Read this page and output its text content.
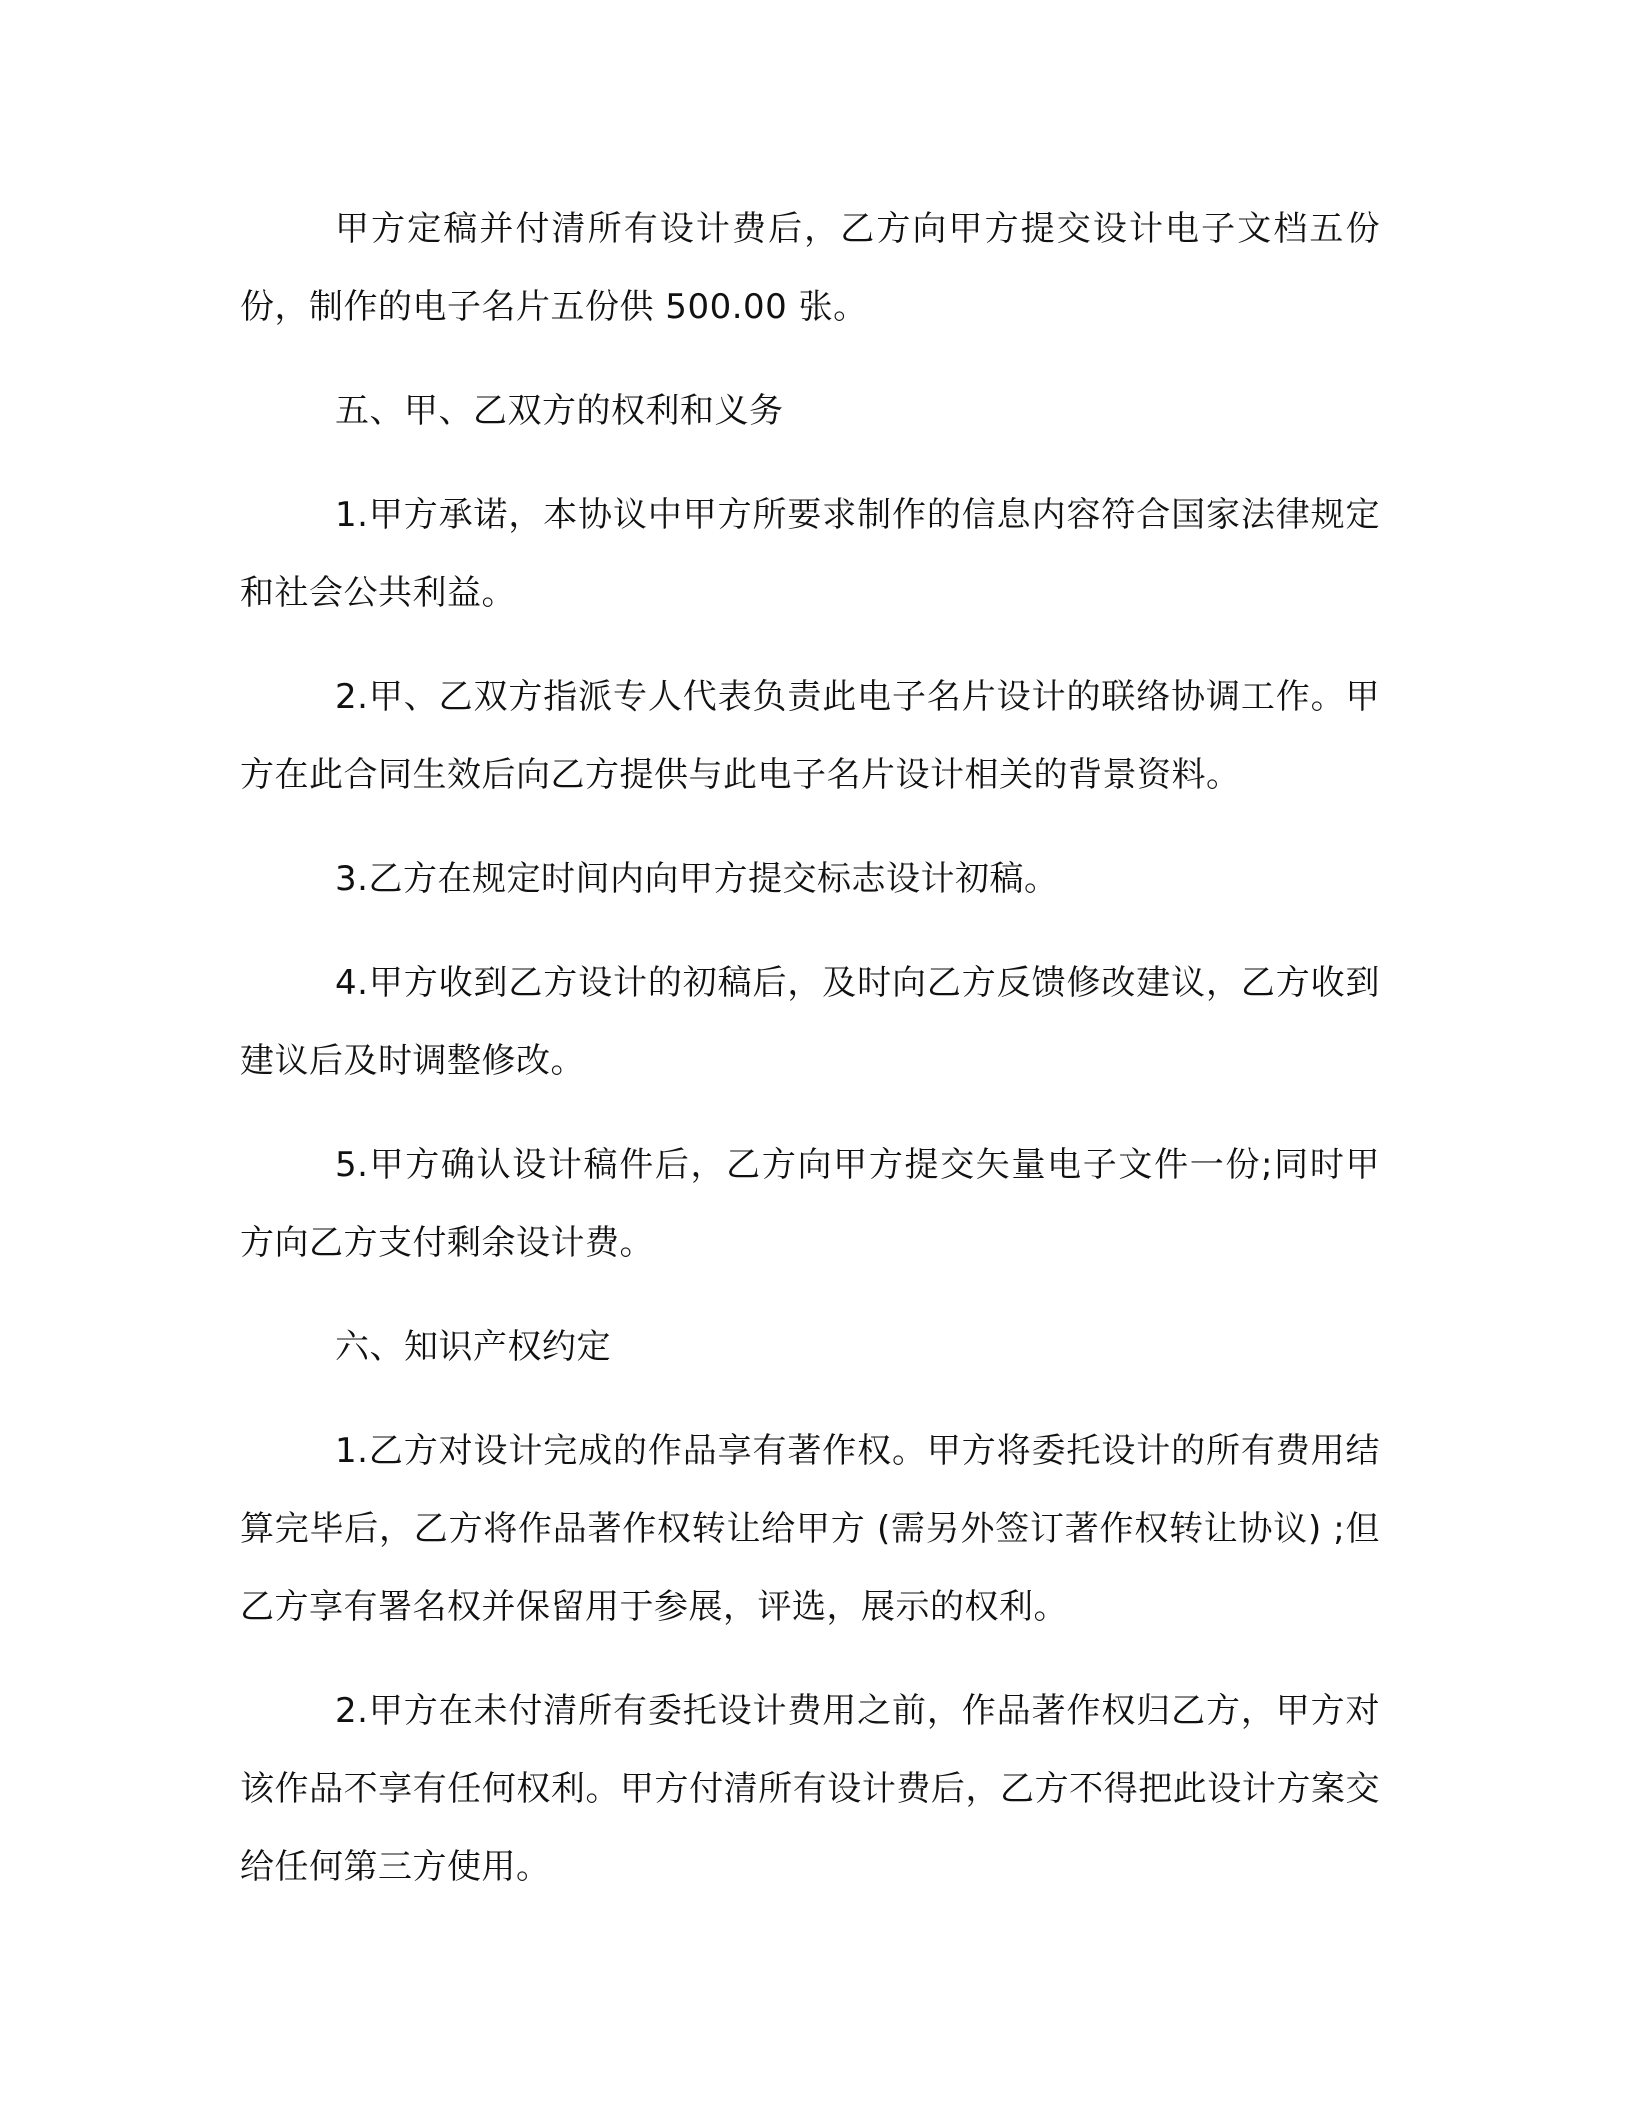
甲方定稿并付清所有设计费后，乙方向甲方提交设计电子文档五份份，制作的电子名片五份供 500.00 张。

五、甲、乙双方的权利和义务

1.甲方承诺，本协议中甲方所要求制作的信息内容符合国家法律规定和社会公共利益。

2.甲、乙双方指派专人代表负责此电子名片设计的联络协调工作。甲方在此合同生效后向乙方提供与此电子名片设计相关的背景资料。

3.乙方在规定时间内向甲方提交标志设计初稿。

4.甲方收到乙方设计的初稿后，及时向乙方反馈修改建议，乙方收到建议后及时调整修改。

5.甲方确认设计稿件后，乙方向甲方提交矢量电子文件一份;同时甲方向乙方支付剩余设计费。

六、知识产权约定

1.乙方对设计完成的作品享有著作权。甲方将委托设计的所有费用结算完毕后，乙方将作品著作权转让给甲方 (需另外签订著作权转让协议) ;但乙方享有署名权并保留用于参展，评选，展示的权利。

2.甲方在未付清所有委托设计费用之前，作品著作权归乙方，甲方对该作品不享有任何权利。甲方付清所有设计费后，乙方不得把此设计方案交给任何第三方使用。
